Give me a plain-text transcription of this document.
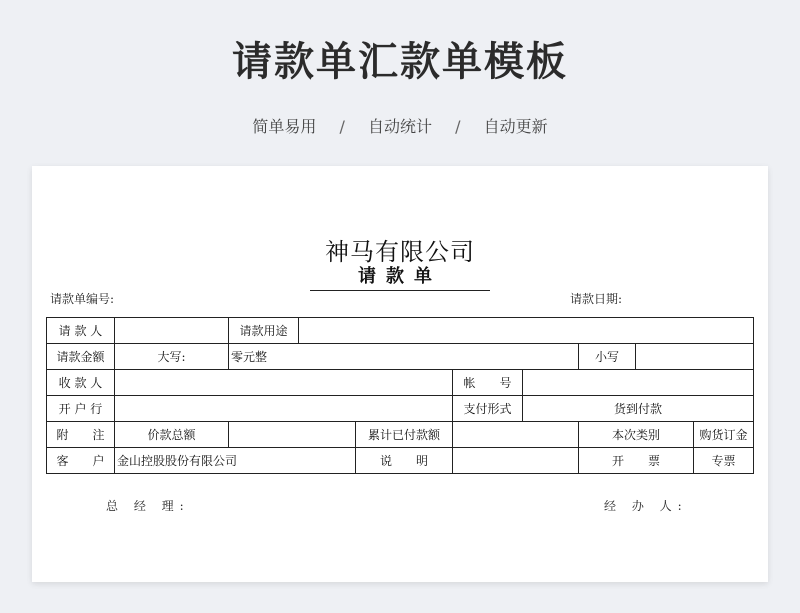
请款单汇款单模板
简单易用 / 自动统计 / 自动更新
神马有限公司
请款单
请款单编号:	请款日期:
请 款 人		请款用途							
请款金额	大写:	零元整					小写		
收 款 人					帐　　号				
开 户 行					支付形式	货到付款			
附　　注	价款总额			累计已付款额			本次类别		购货订金
客　　户	金山控股股份有限公司			说　　明			开　　票		专票
总 经 理:	经 办 人:
